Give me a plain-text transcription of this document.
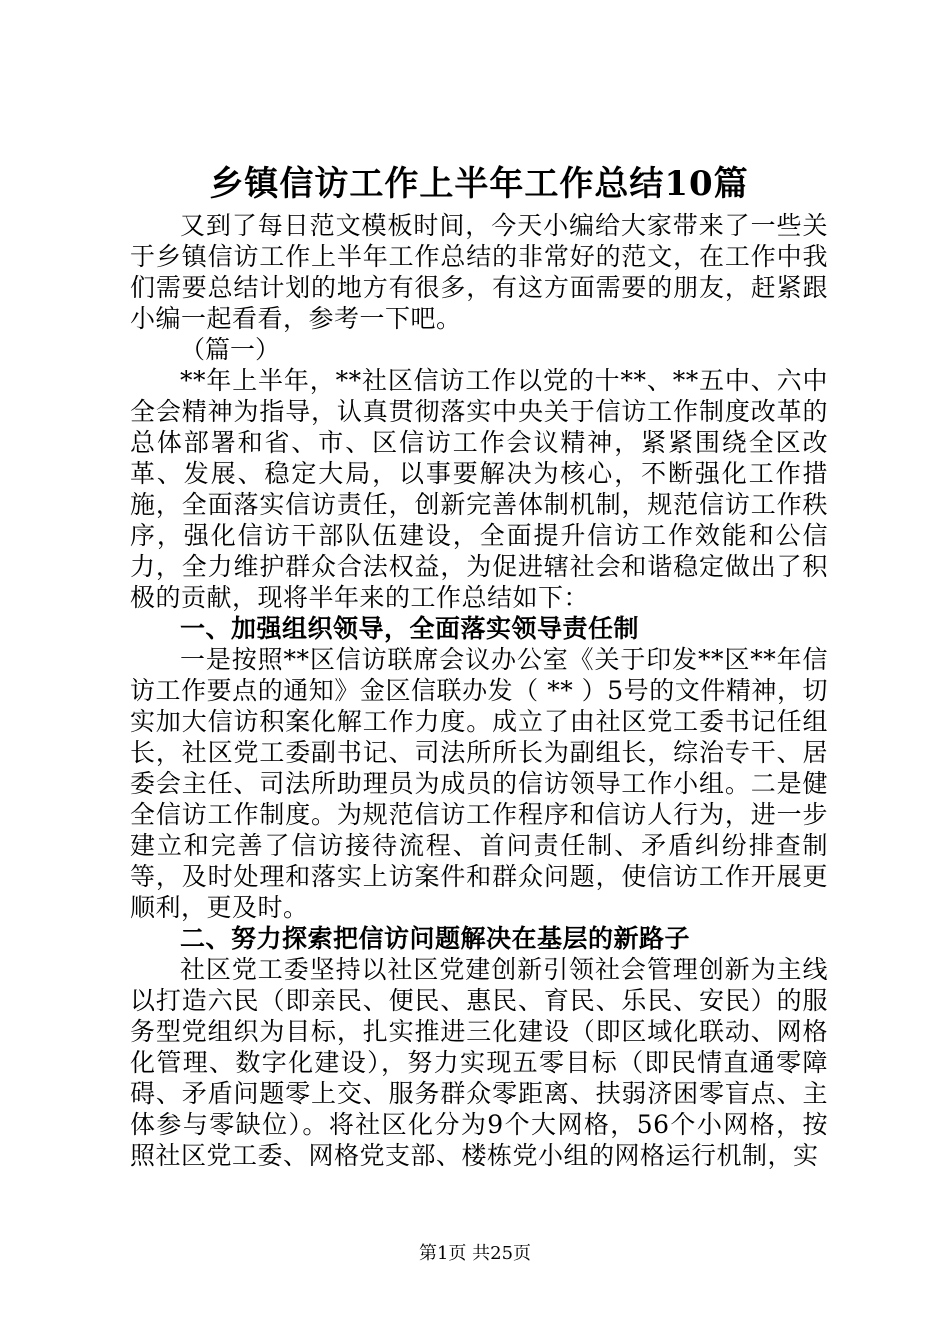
乡镇信访工作上半年工作总结10篇

又到了每日范文模板时间，今天小编给大家带来了一些关于乡镇信访工作上半年工作总结的非常好的范文，在工作中我们需要总结计划的地方有很多，有这方面需要的朋友，赶紧跟小编一起看看，参考一下吧。

（篇一）

**年上半年，**社区信访工作以党的十**、**五中、六中全会精神为指导，认真贯彻落实中央关于信访工作制度改革的总体部署和省、市、区信访工作会议精神，紧紧围绕全区改革、发展、稳定大局，以事要解决为核心，不断强化工作措施，全面落实信访责任，创新完善体制机制，规范信访工作秩序，强化信访干部队伍建设，全面提升信访工作效能和公信力，全力维护群众合法权益，为促进辖社会和谐稳定做出了积极的贡献，现将半年来的工作总结如下：

一、加强组织领导，全面落实领导责任制

一是按照**区信访联席会议办公室《关于印发**区**年信访工作要点的通知》金区信联办发（ ** ）5号的文件精神，切实加大信访积案化解工作力度。成立了由社区党工委书记任组长，社区党工委副书记、司法所所长为副组长，综治专干、居委会主任、司法所助理员为成员的信访领导工作小组。二是健全信访工作制度。为规范信访工作程序和信访人行为，进一步建立和完善了信访接待流程、首问责任制、矛盾纠纷排查制等，及时处理和落实上访案件和群众问题，使信访工作开展更顺利，更及时。

二、努力探索把信访问题解决在基层的新路子

社区党工委坚持以社区党建创新引领社会管理创新为主线以打造六民（即亲民、便民、惠民、育民、乐民、安民）的服务型党组织为目标，扎实推进三化建设（即区域化联动、网格化管理、数字化建设），努力实现五零目标（即民情直通零障碍、矛盾问题零上交、服务群众零距离、扶弱济困零盲点、主体参与零缺位）。将社区化分为9个大网格，56个小网格，按照社区党工委、网格党支部、楼栋党小组的网格运行机制，实

第1页 共25页
